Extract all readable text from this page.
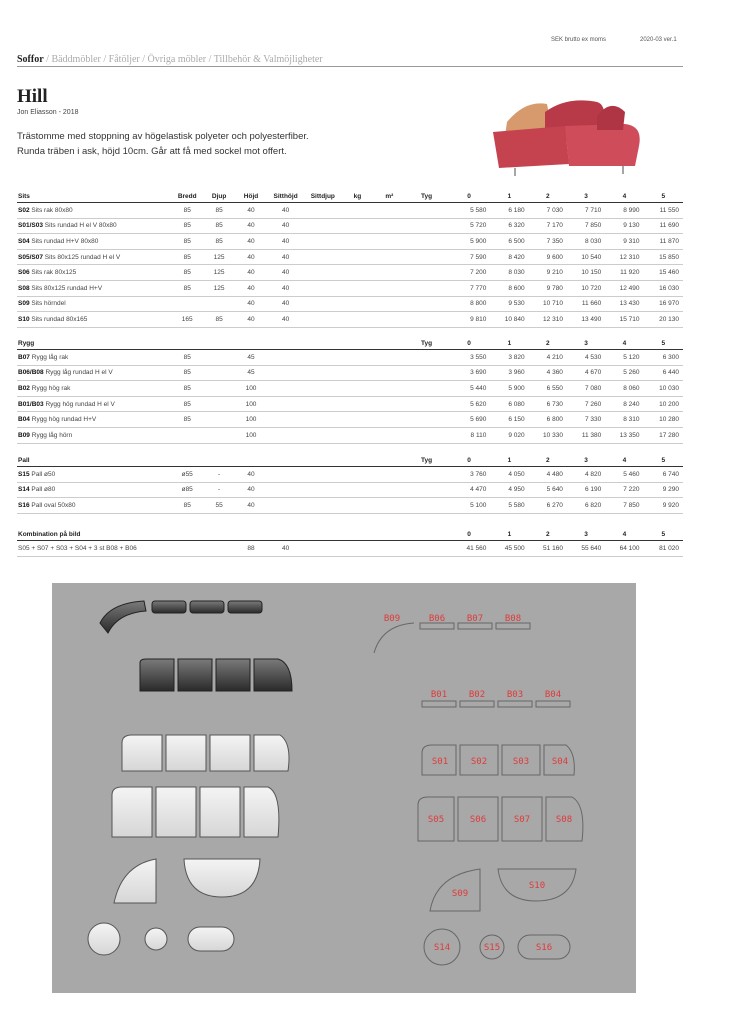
SEK brutto ex moms	2020-03 ver.1
Soffor / Bäddmöbler / Fåtöljer / Övriga möbler / Tillbehör & Valmöjligheter
Hill
Jon Eliasson - 2018
Trästomme med stoppning av högelastisk polyeter och polyesterfiber.
Runda träben i ask, höjd 10cm. Går att få med sockel mot offert.
Sits	Bredd	Djup	Höjd	Sitthöjd	Sittdjup	kg	m²	Tyg	0	1	2	3	4	5
S02 Sits rak 80x80	85	85	40	40					5 580	6 180	7 030	7 710	8 990	11 550
S01/S03 Sits rundad H el V 80x80	85	85	40	40					5 720	6 320	7 170	7 850	9 130	11 690
S04 Sits rundad H+V 80x80	85	85	40	40					5 900	6 500	7 350	8 030	9 310	11 870
S05/S07 Sits 80x125 rundad H el V	85	125	40	40					7 590	8 420	9 600	10 540	12 310	15 850
S06 Sits rak 80x125	85	125	40	40					7 200	8 030	9 210	10 150	11 920	15 460
S08 Sits 80x125 rundad H+V	85	125	40	40					7 770	8 600	9 780	10 720	12 490	16 030
S09 Sits hörndel			40	40					8 800	9 530	10 710	11 660	13 430	16 970
S10 Sits rundad 80x165	165	85	40	40					9 810	10 840	12 310	13 490	15 710	20 130
Rygg								Tyg	0	1	2	3	4	5
B07 Rygg låg rak	85		45						3 550	3 820	4 210	4 530	5 120	6 300
B06/B08 Rygg låg rundad H el V	85		45						3 690	3 960	4 360	4 670	5 260	6 440
B02 Rygg hög rak	85		100						5 440	5 900	6 550	7 080	8 060	10 030
B01/B03 Rygg hög rundad H el V	85		100						5 620	6 080	6 730	7 260	8 240	10 200
B04 Rygg hög rundad H+V	85		100						5 690	6 150	6 800	7 330	8 310	10 280
B09 Rygg låg hörn			100						8 110	9 020	10 330	11 380	13 350	17 280
Pall								Tyg	0	1	2	3	4	5
S15 Pall ø50	ø55	-	40						3 760	4 050	4 480	4 820	5 460	6 740
S14 Pall ø80	ø85	-	40						4 470	4 950	5 640	6 190	7 220	9 290
S16 Pall oval 50x80	85	55	40						5 100	5 580	6 270	6 820	7 850	9 920
Kombination på bild									0	1	2	3	4	5
S05 + S07 + S03 + S04 + 3 st B08 + B06			88	40					41 560	45 500	51 160	55 640	64 100	81 020
B09	B06 B07 B08
B01 B02 B03 B04
S01	S02	S03	S04
S05	S06	S07	S08
S09
S10
S14	S15	S16
